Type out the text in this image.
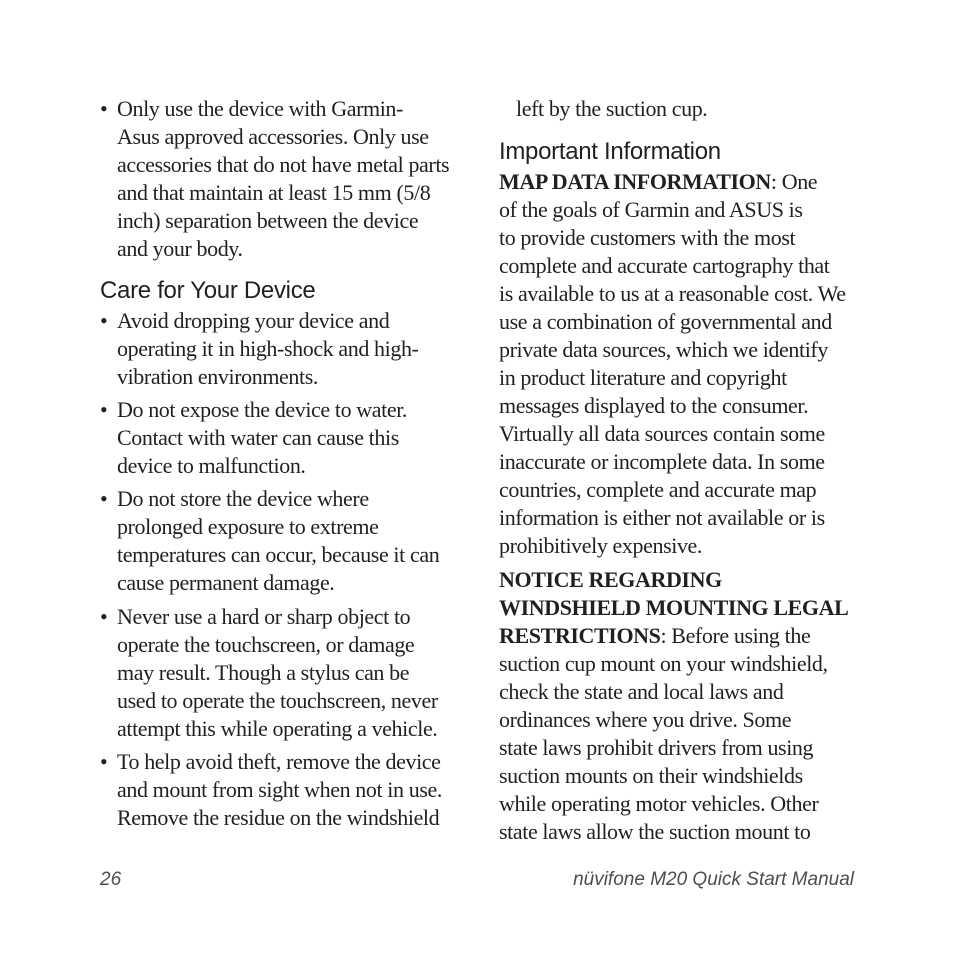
• Only use the device with Garmin-
Asus approved accessories. Only use
accessories that do not have metal parts
and that maintain at least 15 mm (5/8
inch) separation between the device
and your body.
Care for Your Device
• Avoid dropping your device and
operating it in high-shock and high-
vibration environments.
• Do not expose the device to water.
Contact with water can cause this
device to malfunction.
• Do not store the device where
prolonged exposure to extreme
temperatures can occur, because it can
cause permanent damage.
• Never use a hard or sharp object to
operate the touchscreen, or damage
may result. Though a stylus can be
used to operate the touchscreen, never
attempt this while operating a vehicle.
• To help avoid theft, remove the device
and mount from sight when not in use.
Remove the residue on the windshield
left by the suction cup.
Important Information
MAP DATA INFORMATION: One
of the goals of Garmin and ASUS is
to provide customers with the most
complete and accurate cartography that
is available to us at a reasonable cost. We
use a combination of governmental and
private data sources, which we identify
in product literature and copyright
messages displayed to the consumer.
Virtually all data sources contain some
inaccurate or incomplete data. In some
countries, complete and accurate map
information is either not available or is
prohibitively expensive.
NOTICE REGARDING
WINDSHIELD MOUNTING LEGAL
RESTRICTIONS: Before using the
suction cup mount on your windshield,
check the state and local laws and
ordinances where you drive. Some
state laws prohibit drivers from using
suction mounts on their windshields
while operating motor vehicles. Other
state laws allow the suction mount to
26	nüvifone M20 Quick Start Manual
